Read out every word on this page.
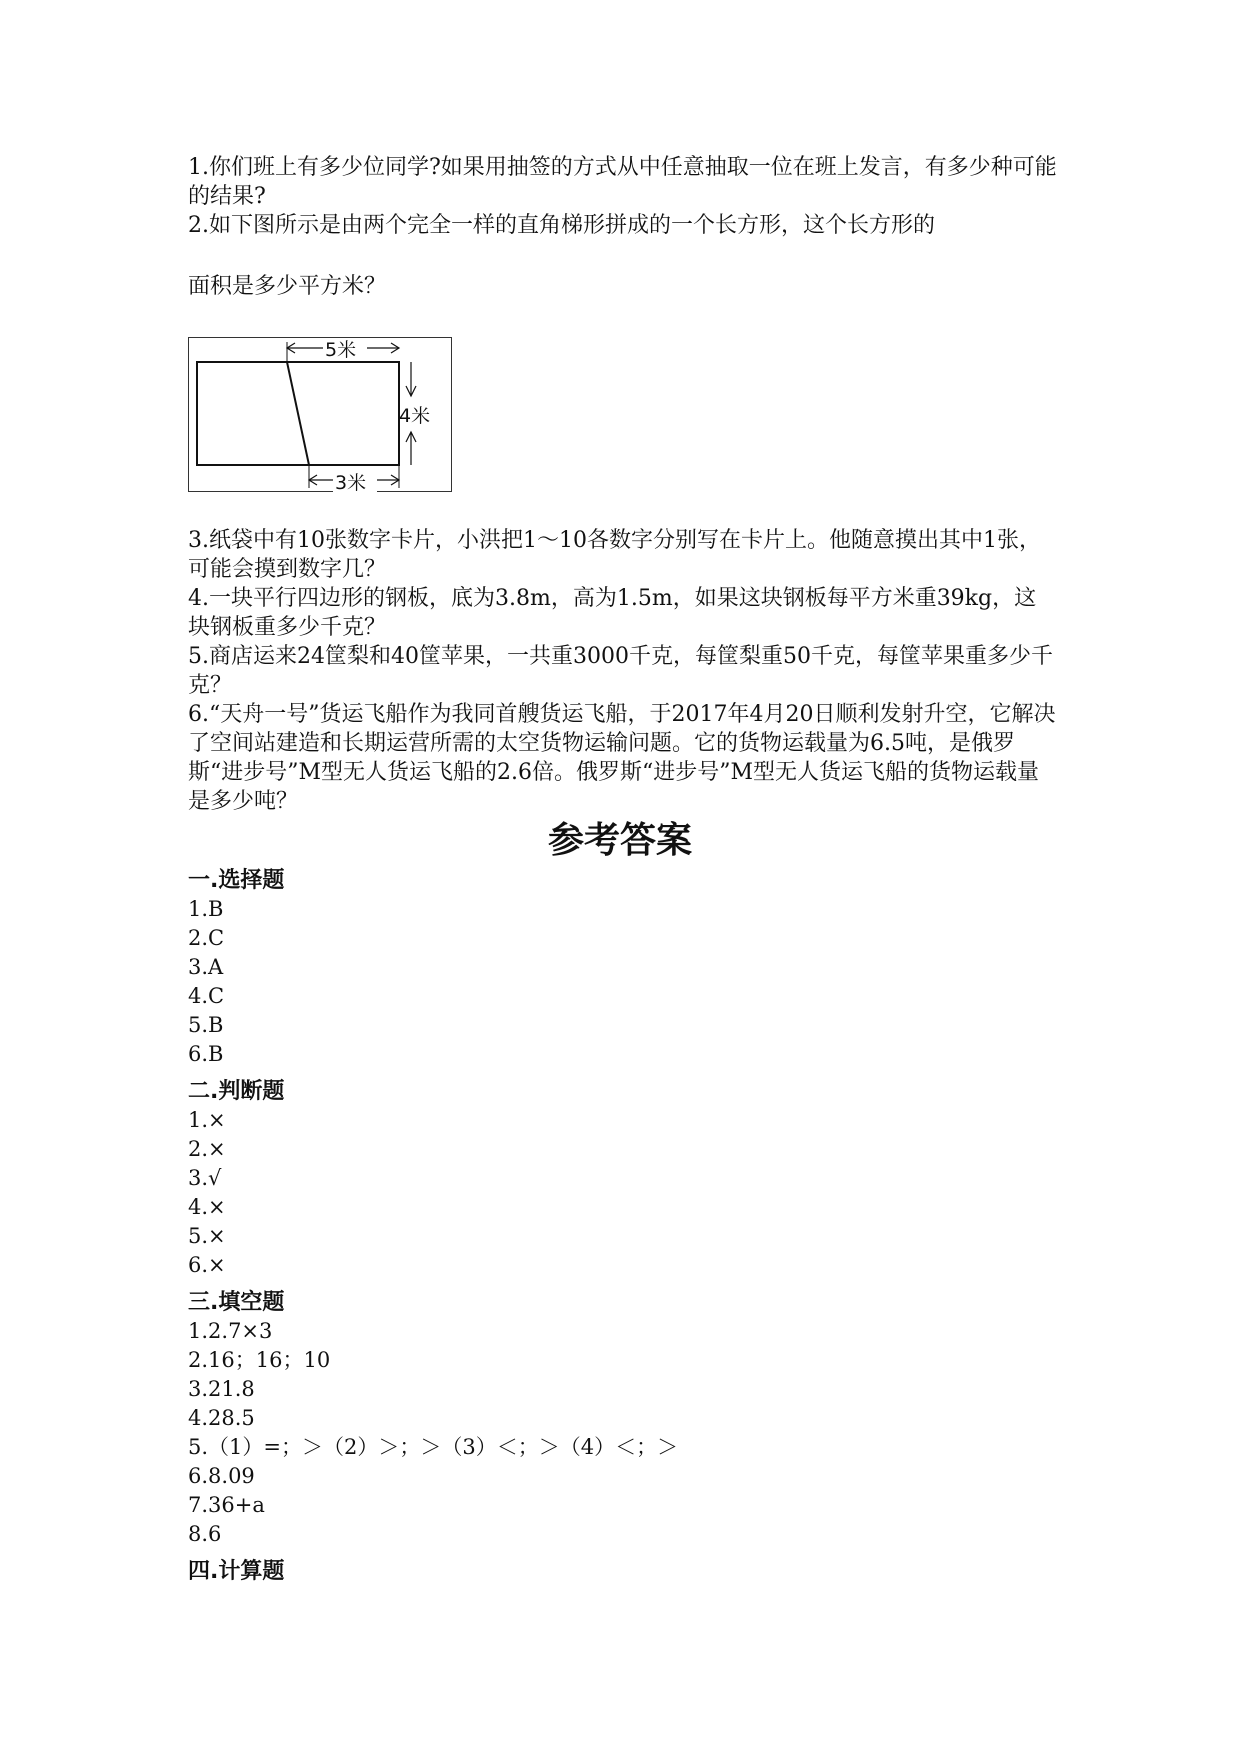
1.你们班上有多少位同学?如果用抽签的方式从中任意抽取一位在班上发言，有多少种可能的结果?

2.如下图所示是由两个完全一样的直角梯形拼成的一个长方形，这个长方形的

面积是多少平方米？

5米
3米
4米

3.纸袋中有10张数字卡片，小洪把1～10各数字分别写在卡片上。他随意摸出其中1张，可能会摸到数字几？

4.一块平行四边形的钢板，底为3.8m，高为1.5m，如果这块钢板每平方米重39kg，这块钢板重多少千克？

5.商店运来24筐梨和40筐苹果，一共重3000千克，每筐梨重50千克，每筐苹果重多少千克？

6.“天舟一号”货运飞船作为我同首艘货运飞船，于2017年4月20日顺利发射升空，它解决了空间站建造和长期运营所需的太空货物运输问题。它的货物运载量为6.5吨，是俄罗斯“进步号”M型无人货运飞船的2.6倍。俄罗斯“进步号”M型无人货运飞船的货物运载量是多少吨？

参考答案
一.选择题

1.B

2.C

3.A

4.C

5.B

6.B

二.判断题

1.×

2.×

3.√

4.×

5.×

6.×

三.填空题

1.2.7×3

2.16；16；10

3.21.8

4.28.5

5.（1）=；＞（2）＞；＞（3）＜；＞（4）＜；＞

6.8.09

7.36+a

8.6

四.计算题
